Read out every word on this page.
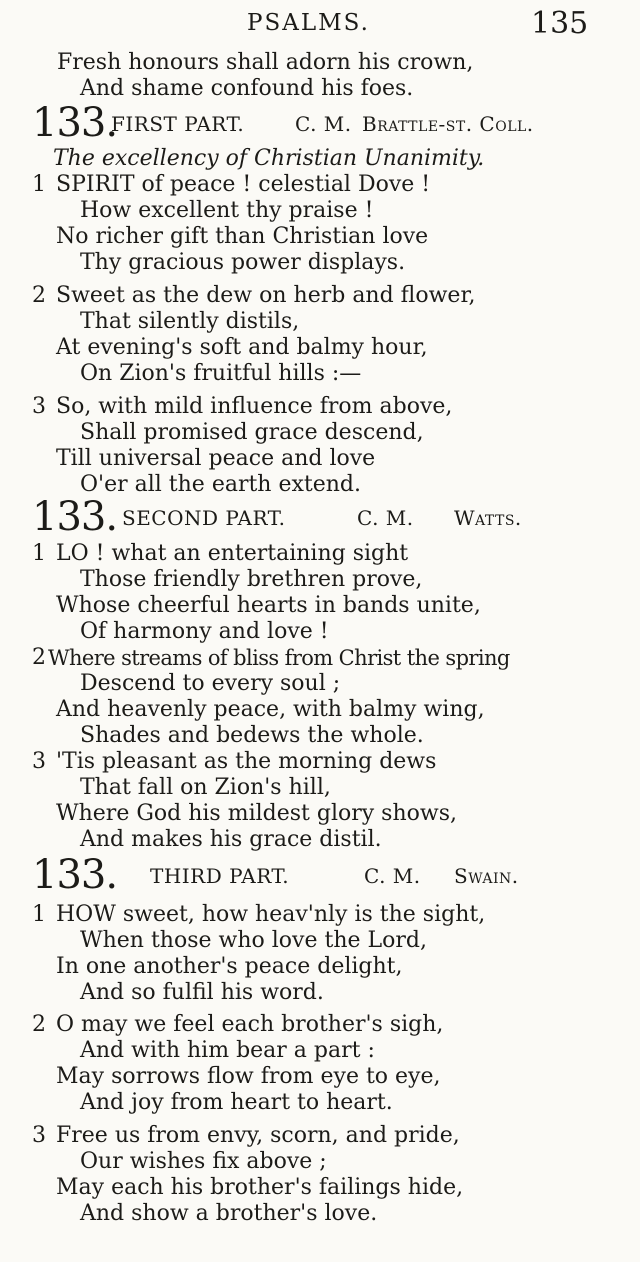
PSALMS.	135
Fresh honours shall adorn his crown,
And shame confound his foes.
133.
FIRST PART.	C. M. Brattle-st. Coll.
The excellency of Christian Unanimity.
1 SPIRIT of peace ! celestial Dove !
How excellent thy praise !
No richer gift than Christian love
Thy gracious power displays.
2 Sweet as the dew on herb and flower,
That silently distils,
At evening's soft and balmy hour,
On Zion's fruitful hills :—
3 So, with mild influence from above,
Shall promised grace descend,
Till universal peace and love
O'er all the earth extend.
133. SECOND PART.	C. M. Watts.
1 LO ! what an entertaining sight
Those friendly brethren prove,
Whose cheerful hearts in bands unite,
Of harmony and love !
2 Where streams of bliss from Christ the spring
Descend to every soul ;
And heavenly peace, with balmy wing,
Shades and bedews the whole.
3 'Tis pleasant as the morning dews
That fall on Zion's hill,
Where God his mildest glory shows,
And makes his grace distil.
133. THIRD PART.	C. M. Swain.
1 HOW sweet, how heav'nly is the sight,
When those who love the Lord,
In one another's peace delight,
And so fulfil his word.
2 O may we feel each brother's sigh,
And with him bear a part :
May sorrows flow from eye to eye,
And joy from heart to heart.
3 Free us from envy, scorn, and pride,
Our wishes fix above ;
May each his brother's failings hide,
And show a brother's love.
